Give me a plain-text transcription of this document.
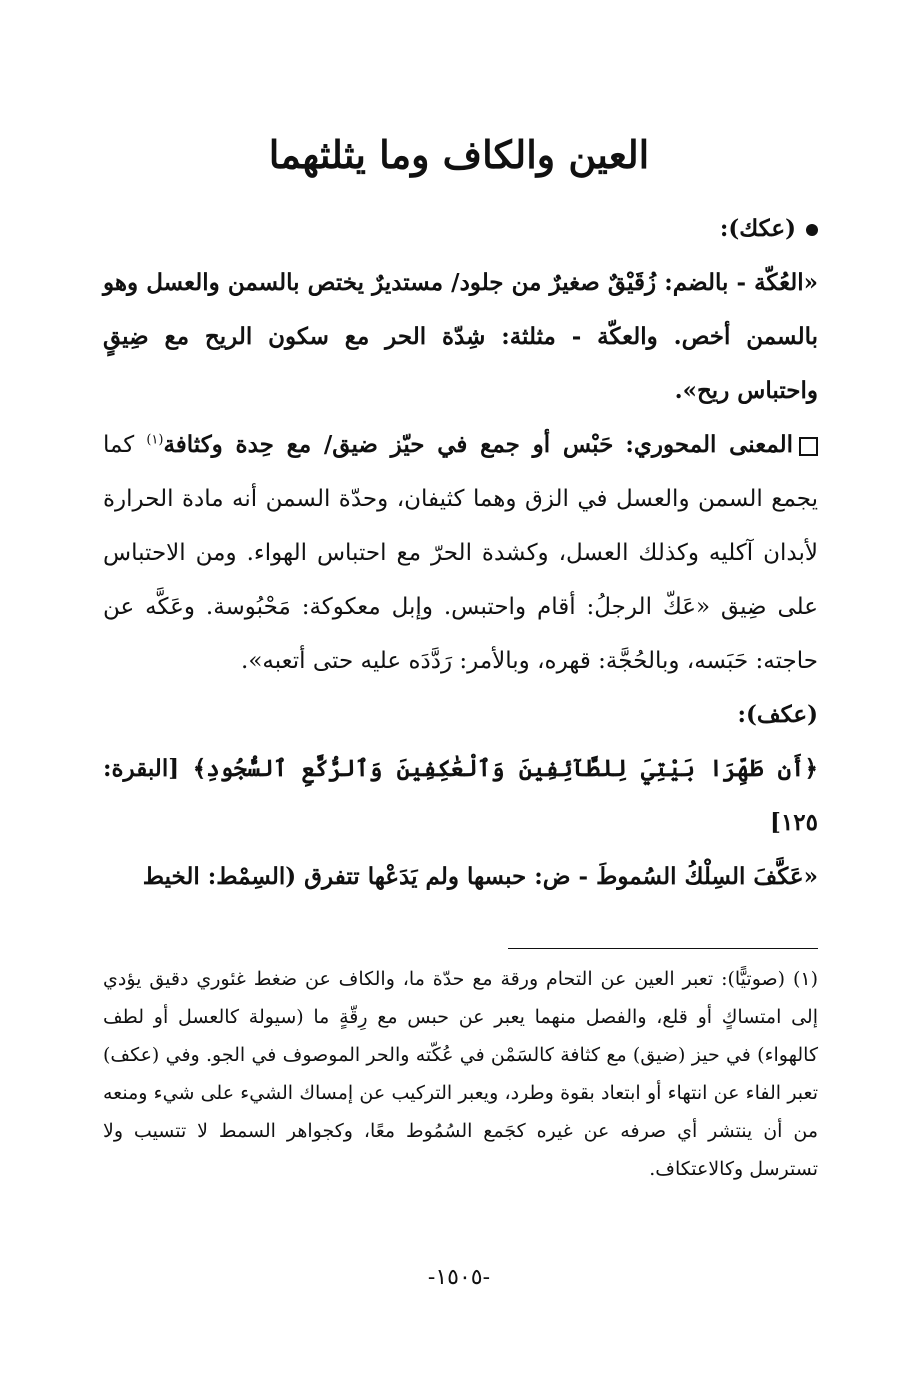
العين والكاف وما يثلثهما

(عكك):

«العُكّة - بالضم: زُقَيْقٌ صغيرٌ من جلود/ مستديرٌ يختص بالسمن والعسل وهو بالسمن أخص. والعكّة - مثلثة: شِدّة الحر مع سكون الريح مع ضِيقٍ واحتباس ريح».

المعنى المحوري: حَبْس أو جمع في حيّز ضيق/ مع حِدة وكثافة$^{(١)}$ كما يجمع السمن والعسل في الزق وهما كثيفان، وحدّة السمن أنه مادة الحرارة لأبدان آكليه وكذلك العسل، وكشدة الحرّ مع احتباس الهواء. ومن الاحتباس على ضِيق «عَكّ الرجلُ: أقام واحتبس. وإبل معكوكة: مَحْبُوسة. وعَكَّه عن حاجته: حَبَسه، وبالحُجَّة: قهره، وبالأمر: رَدَّدَه عليه حتى أتعبه».

(عكف):

﴿أَن طَهِّرَا بَيْتِيَ لِلطَّآئِفِينَ وَٱلْعَٰكِفِينَ وَٱلرُّكَّعِ ٱلسُّجُودِ﴾ [البقرة: ١٢٥]

«عَكَّفَ السِلْكُ السُموطَ - ض: حبسها ولم يَدَعْها تتفرق (السِمْط: الخيط

(١) (صوتيًّا): تعبر العين عن التحام ورقة مع حدّة ما، والكاف عن ضغط غئوري دقيق يؤدي إلى امتساكٍ أو قلع، والفصل منهما يعبر عن حبس مع رِقّةٍ ما (سيولة كالعسل أو لطف كالهواء) في حيز (ضيق) مع كثافة كالسَمْن في عُكّته والحر الموصوف في الجو. وفي (عكف) تعبر الفاء عن انتهاء أو ابتعاد بقوة وطرد، ويعبر التركيب عن إمساك الشيء على شيء ومنعه من أن ينتشر أي صرفه عن غيره كجَمع السُمُوط معًا، وكجواهر السمط لا تتسيب ولا تسترسل وكالاعتكاف.

-١٥٠٥-
